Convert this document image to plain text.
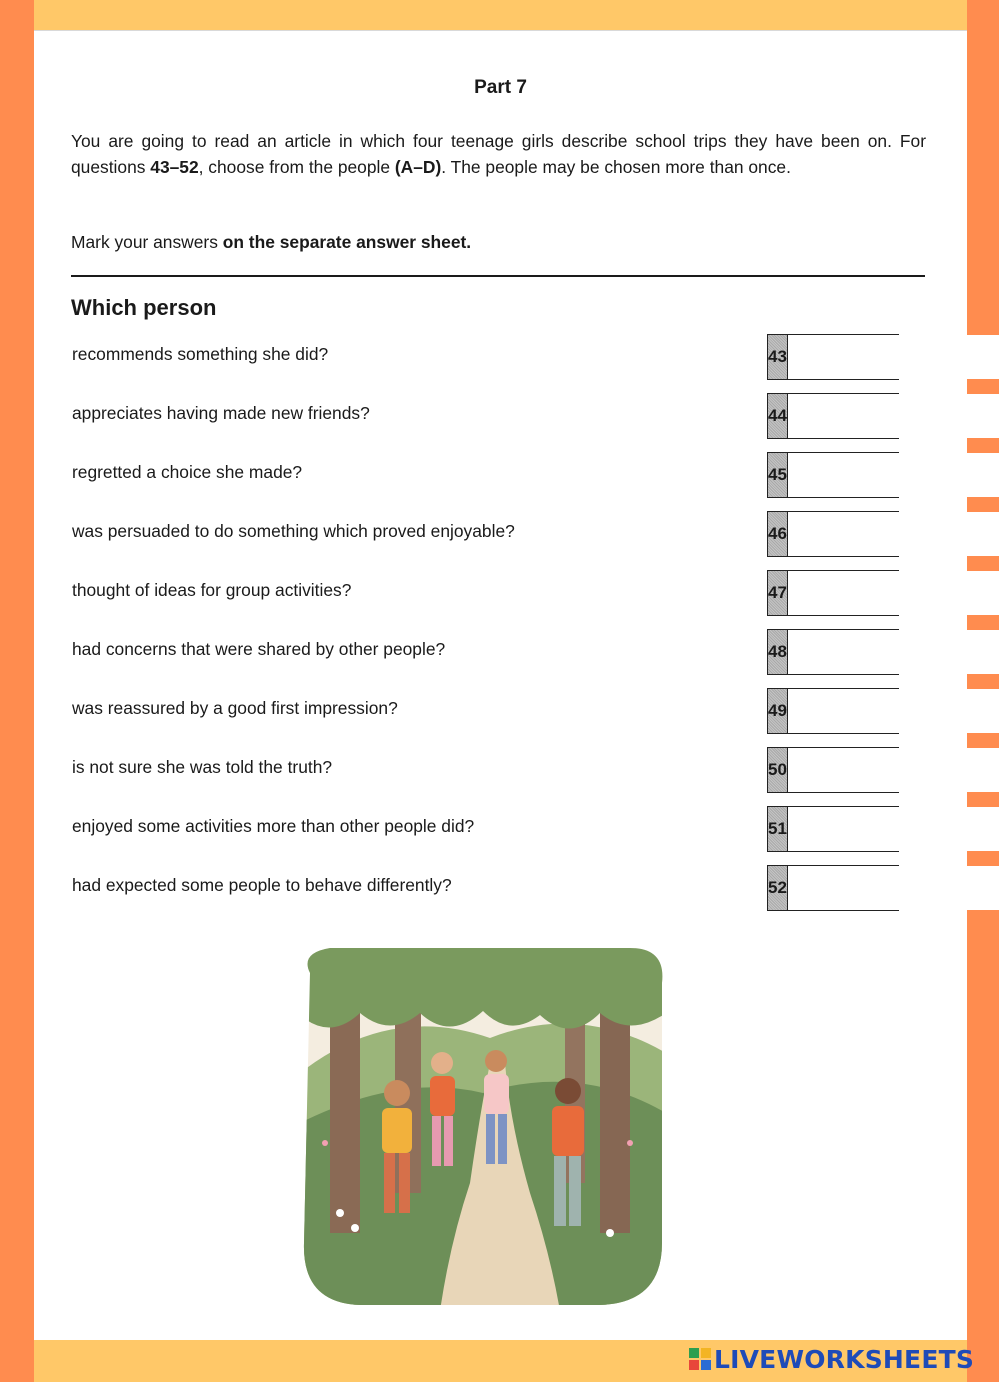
Part 7

You are going to read an article in which four teenage girls describe school trips they have been on. For questions 43–52, choose from the people (A–D). The people may be chosen more than once.

Mark your answers on the separate answer sheet.

Which person
recommends something she did?	43
appreciates having made new friends?	44
regretted a choice she made?	45
was persuaded to do something which proved enjoyable?	46
thought of ideas for group activities?	47
had concerns that were shared by other people?	48
was reassured by a good first impression?	49
is not sure she was told the truth?	50
enjoyed some activities more than other people did?	51
had expected some people to behave differently?	52
LIVEWORKSHEETS
